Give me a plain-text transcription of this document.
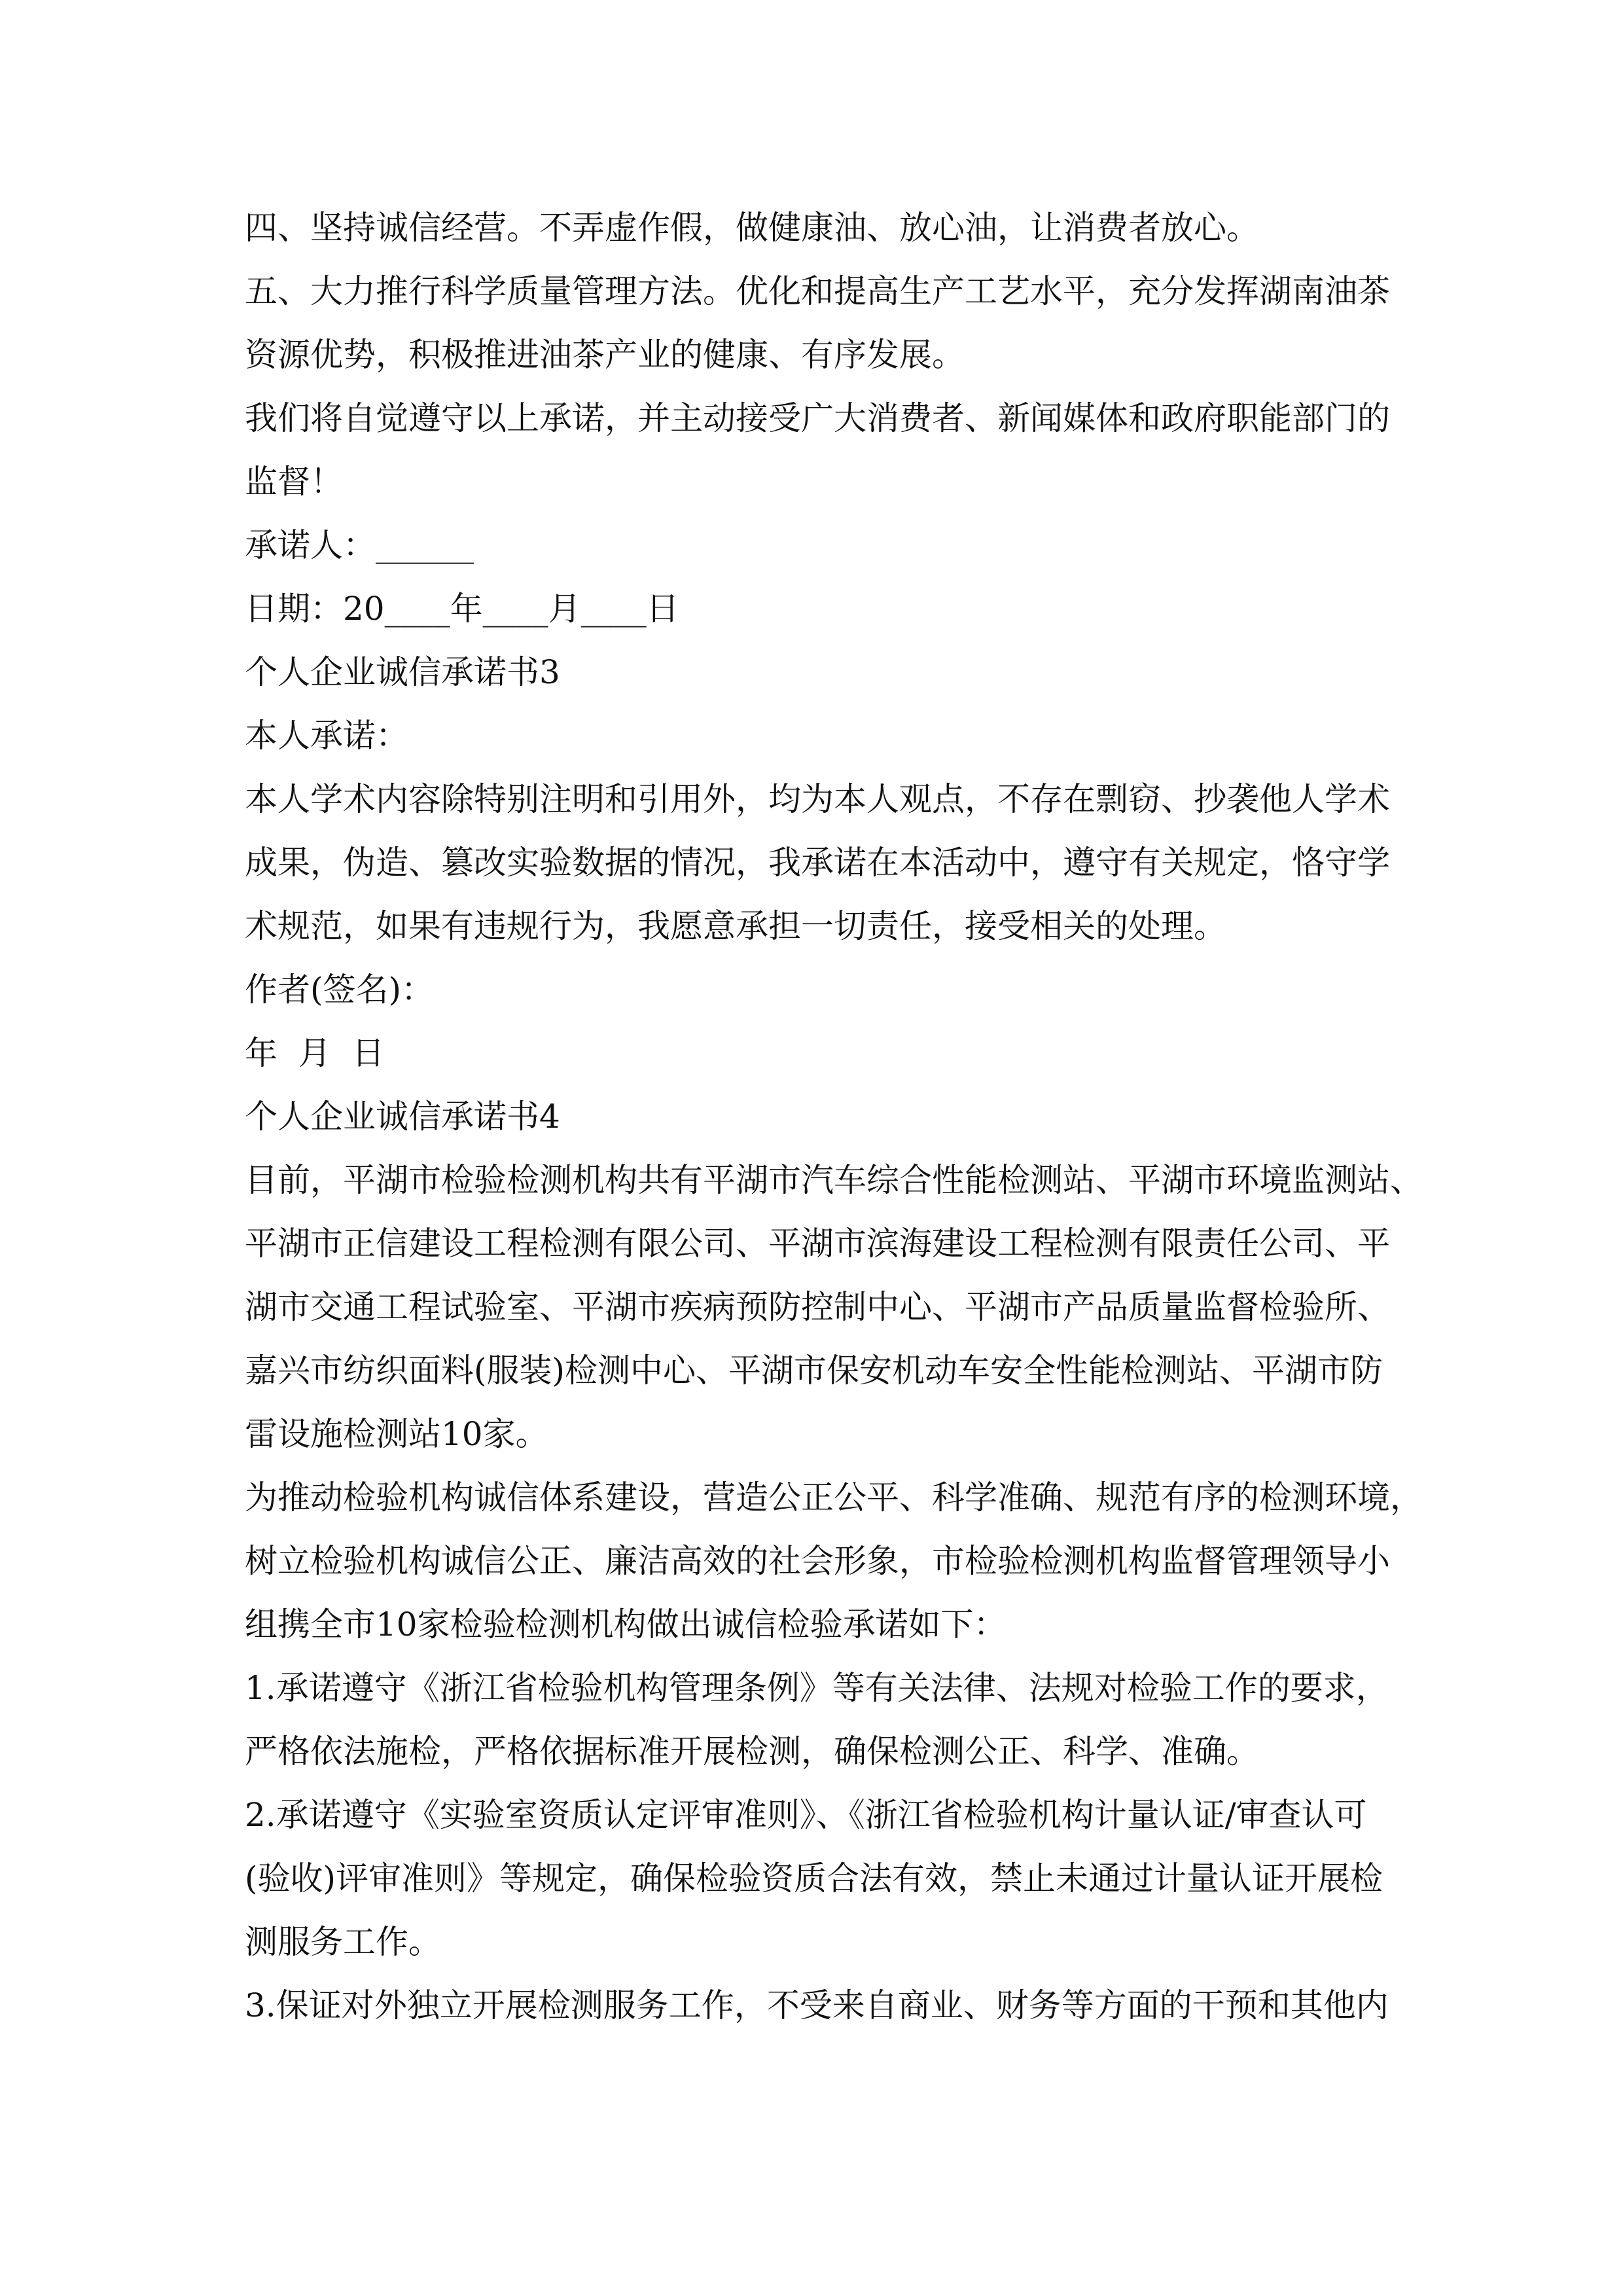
四、坚持诚信经营。不弄虚作假，做健康油、放心油，让消费者放心。

五、大力推行科学质量管理方法。优化和提高生产工艺水平，充分发挥湖南油茶

资源优势，积极推进油茶产业的健康、有序发展。

我们将自觉遵守以上承诺，并主动接受广大消费者、新闻媒体和政府职能部门的

监督！

承诺人：______

日期：20____年____月____日

个人企业诚信承诺书3

本人承诺：

本人学术内容除特别注明和引用外，均为本人观点，不存在剽窃、抄袭他人学术

成果，伪造、篡改实验数据的情况，我承诺在本活动中，遵守有关规定，恪守学

术规范，如果有违规行为，我愿意承担一切责任，接受相关的处理。

作者(签名)：

年  月  日

个人企业诚信承诺书4

目前，平湖市检验检测机构共有平湖市汽车综合性能检测站、平湖市环境监测站、

平湖市正信建设工程检测有限公司、平湖市滨海建设工程检测有限责任公司、平

湖市交通工程试验室、平湖市疾病预防控制中心、平湖市产品质量监督检验所、

嘉兴市纺织面料(服装)检测中心、平湖市保安机动车安全性能检测站、平湖市防

雷设施检测站10家。

为推动检验机构诚信体系建设，营造公正公平、科学准确、规范有序的检测环境，

树立检验机构诚信公正、廉洁高效的社会形象，市检验检测机构监督管理领导小

组携全市10家检验检测机构做出诚信检验承诺如下：

1.承诺遵守《浙江省检验机构管理条例》等有关法律、法规对检验工作的要求，

严格依法施检，严格依据标准开展检测，确保检测公正、科学、准确。

2.承诺遵守《实验室资质认定评审准则》、《浙江省检验机构计量认证/审查认可

(验收)评审准则》等规定，确保检验资质合法有效，禁止未通过计量认证开展检

测服务工作。

3.保证对外独立开展检测服务工作，不受来自商业、财务等方面的干预和其他内
